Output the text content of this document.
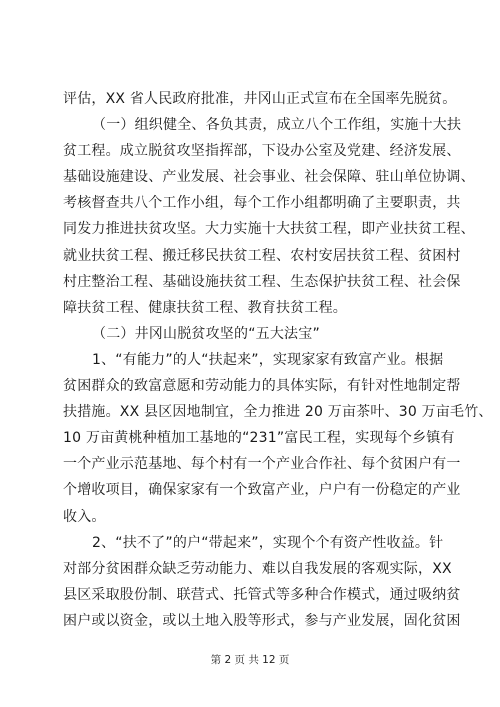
评估，XX 省人民政府批准，井冈山正式宣布在全国率先脱贫。
（一）组织健全、各负其责，成立八个工作组，实施十大扶
贫工程。成立脱贫攻坚指挥部，下设办公室及党建、经济发展、
基础设施建设、产业发展、社会事业、社会保障、驻山单位协调、
考核督查共八个工作小组，每个工作小组都明确了主要职责，共
同发力推进扶贫攻坚。大力实施十大扶贫工程，即产业扶贫工程、
就业扶贫工程、搬迁移民扶贫工程、农村安居扶贫工程、贫困村
村庄整治工程、基础设施扶贫工程、生态保护扶贫工程、社会保
障扶贫工程、健康扶贫工程、教育扶贫工程。
（二）井冈山脱贫攻坚的“五大法宝”
1、“有能力”的人“扶起来”，实现家家有致富产业。根据
贫困群众的致富意愿和劳动能力的具体实际，有针对性地制定帮
扶措施。XX 县区因地制宜，全力推进 20 万亩茶叶、30 万亩毛竹、
10 万亩黄桃种植加工基地的“231”富民工程，实现每个乡镇有
一个产业示范基地、每个村有一个产业合作社、每个贫困户有一
个增收项目，确保家家有一个致富产业，户户有一份稳定的产业
收入。
2、“扶不了”的户“带起来”，实现个个有资产性收益。针
对部分贫困群众缺乏劳动能力、难以自我发展的客观实际，XX
县区采取股份制、联营式、托管式等多种合作模式，通过吸纳贫
困户或以资金，或以土地入股等形式，参与产业发展，固化贫困
第 2 页 共 12 页
